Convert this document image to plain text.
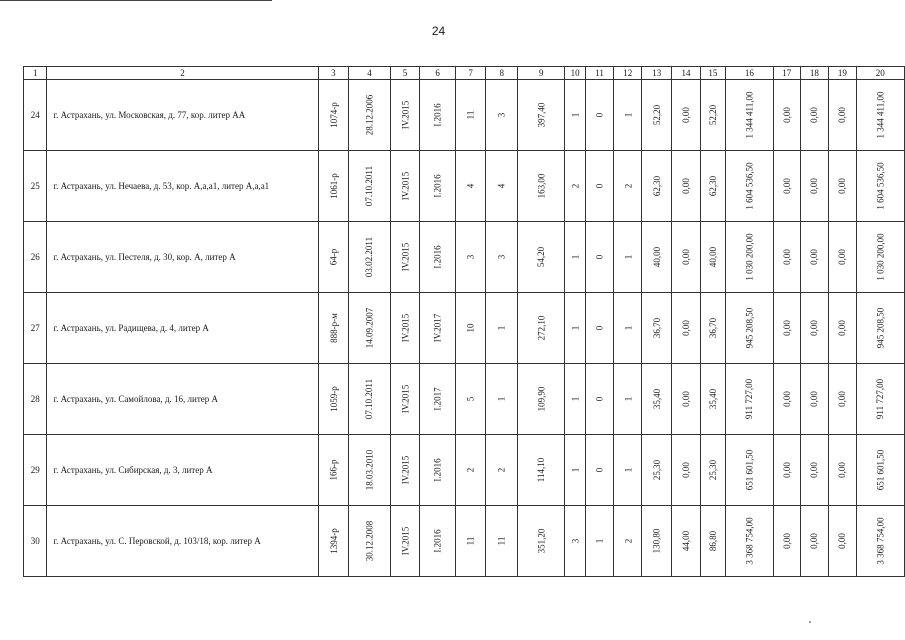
24
1	2	3	4	5	6	7	8	9	10	11	12	13	14	15	16	17	18	19	20
24	г. Астрахань, ул. Московская, д. 77, кор. литер АА	1074-р	28.12.2006	IV.2015	I.2016	11	3	397,40	1	0	1	52,20	0,00	52,20	1 344 411,00	0,00	0,00	0,00	1 344 411,00
25	г. Астрахань, ул. Нечаева, д. 53, кор. А,а,а1, литер А,а,а1	1061-р	07.10.2011	IV.2015	I.2016	4	4	163,00	2	0	2	62,30	0,00	62,30	1 604 536,50	0,00	0,00	0,00	1 604 536,50
26	г. Астрахань, ул. Пестеля, д. 30, кор. А, литер А	64-р	03.02.2011	IV.2015	I.2016	3	3	54,20	1	0	1	40,00	0,00	40,00	1 030 200,00	0,00	0,00	0,00	1 030 200,00
27	г. Астрахань, ул. Радищева, д. 4, литер А	888-р-м	14.09.2007	IV.2015	IV.2017	10	1	272,10	1	0	1	36,70	0,00	36,70	945 208,50	0,00	0,00	0,00	945 208,50
28	г. Астрахань, ул. Самойлова, д. 16, литер А	1059-р	07.10.2011	IV.2015	I.2017	5	1	109,90	1	0	1	35,40	0,00	35,40	911 727,00	0,00	0,00	0,00	911 727,00
29	г. Астрахань, ул. Сибирская, д. 3, литер А	166-р	18.03.2010	IV.2015	I.2016	2	2	114,10	1	0	1	25,30	0,00	25,30	651 601,50	0,00	0,00	0,00	651 601,50
30	г. Астрахань, ул. С. Перовской, д. 103/18, кор. литер А	1394-р	30.12.2008	IV.2015	I.2016	11	11	351,20	3	1	2	130,80	44,00	86,80	3 368 754,00	0,00	0,00	0,00	3 368 754,00
